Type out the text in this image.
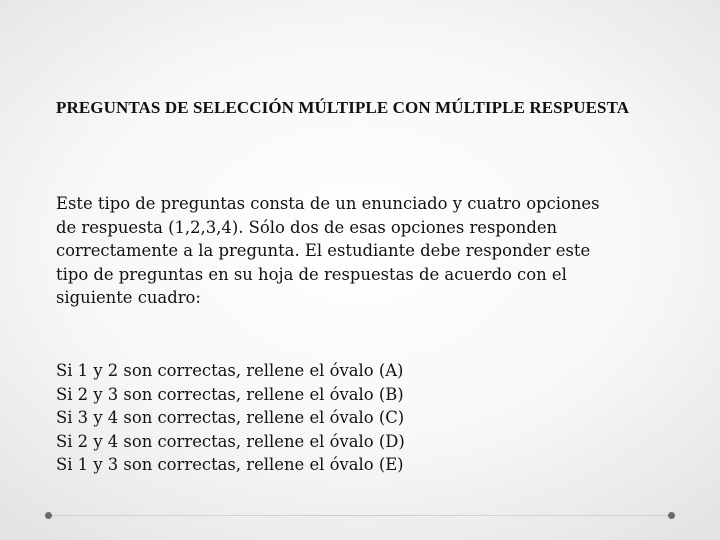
PREGUNTAS DE SELECCIÓN MÚLTIPLE CON MÚLTIPLE RESPUESTA

Este tipo de preguntas consta de un enunciado y cuatro opciones de respuesta (1,2,3,4). Sólo dos de esas opciones responden correctamente a la pregunta. El estudiante debe responder este tipo de preguntas en su hoja de respuestas de acuerdo con el siguiente cuadro:

Si 1 y 2 son correctas, rellene el óvalo (A)
Si 2 y 3 son correctas, rellene el óvalo (B)
Si 3 y 4 son correctas, rellene el óvalo (C)
Si 2 y 4 son correctas, rellene el óvalo (D)
Si 1 y 3 son correctas, rellene el óvalo (E)
